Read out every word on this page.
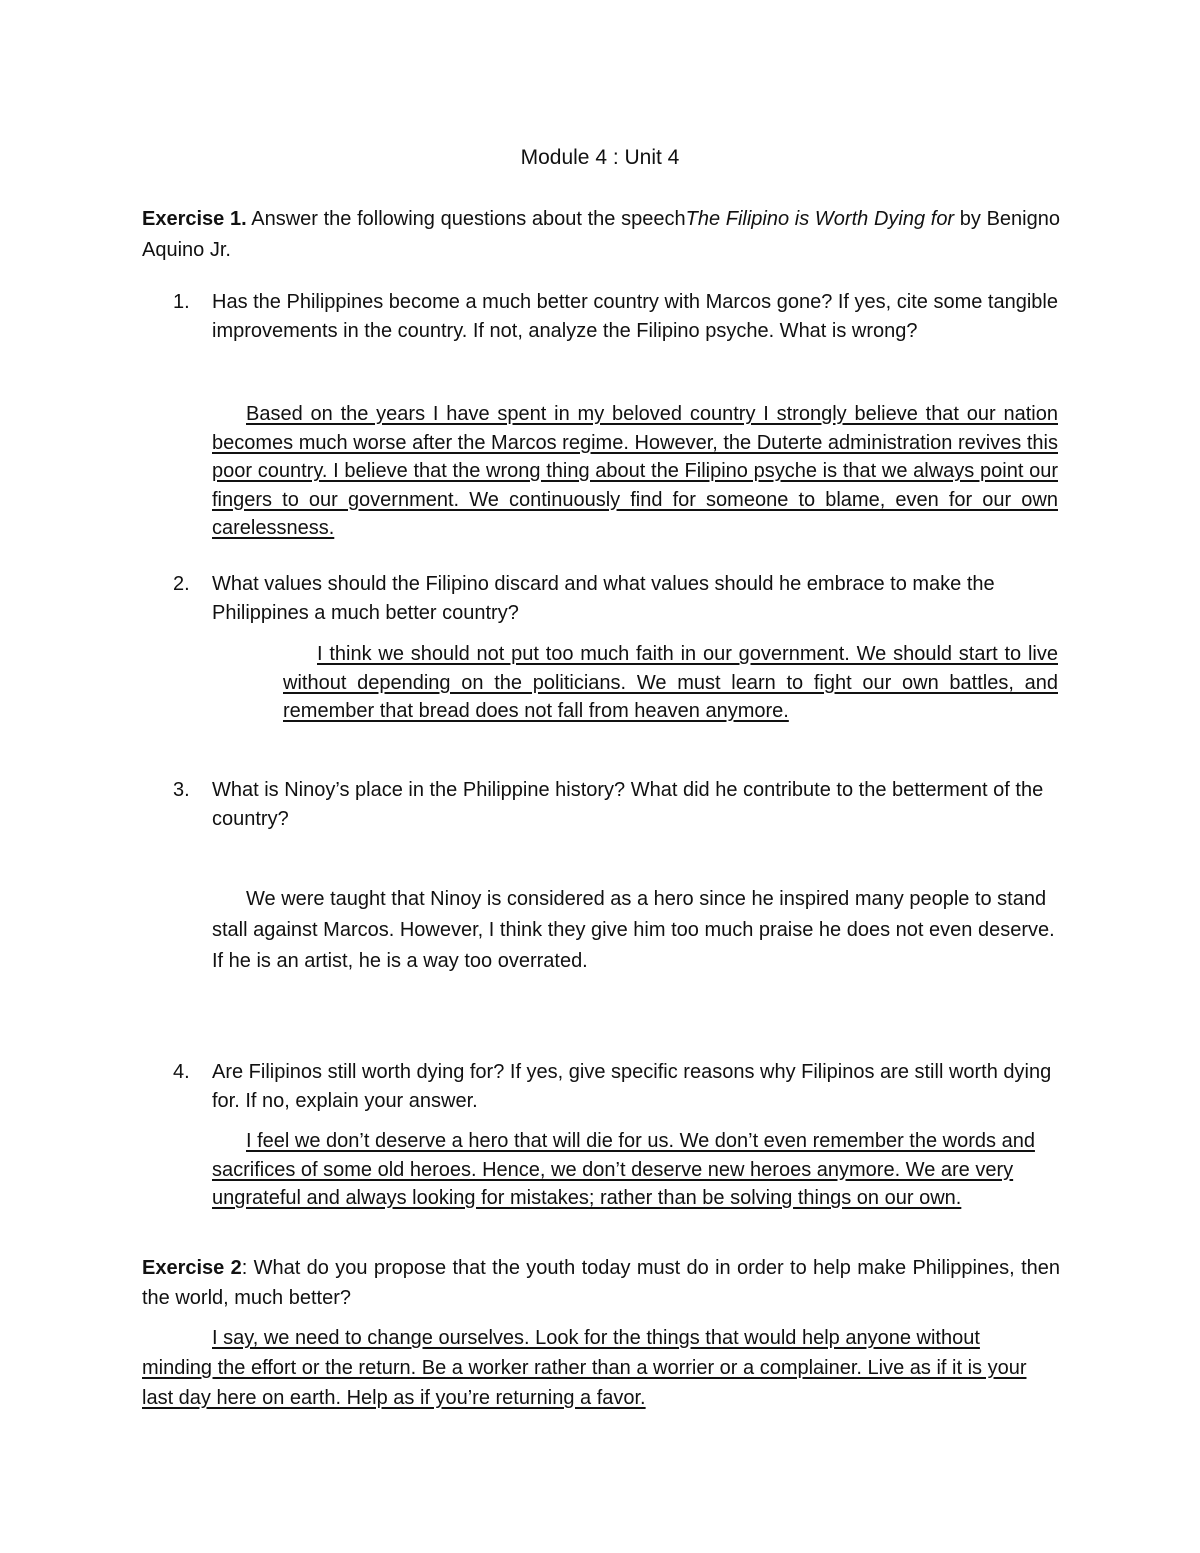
Module 4 : Unit 4
Exercise 1. Answer the following questions about the speechThe Filipino is Worth Dying for by Benigno Aquino Jr.
1. Has the Philippines become a much better country with Marcos gone? If yes, cite some tangible improvements in the country. If not, analyze the Filipino psyche. What is wrong?
Based on the years I have spent in my beloved country I strongly believe that our nation becomes much worse after the Marcos regime. However, the Duterte administration revives this poor country. I believe that the wrong thing about the Filipino psyche is that we always point our fingers to our government. We continuously find for someone to blame, even for our own carelessness.
2. What values should the Filipino discard and what values should he embrace to make the Philippines a much better country?
I think we should not put too much faith in our government. We should start to live without depending on the politicians. We must learn to fight our own battles, and remember that bread does not fall from heaven anymore.
3. What is Ninoy’s place in the Philippine history? What did he contribute to the betterment of the country?
We were taught that Ninoy is considered as a hero since he inspired many people to stand stall against Marcos. However, I think they give him too much praise he does not even deserve. If he is an artist, he is a way too overrated.
4. Are Filipinos still worth dying for? If yes, give specific reasons why Filipinos are still worth dying for. If no, explain your answer.
I feel we don’t deserve a hero that will die for us. We don’t even remember the words and sacrifices of some old heroes. Hence, we don’t deserve new heroes anymore. We are very ungrateful and always looking for mistakes; rather than be solving things on our own.
Exercise 2: What do you propose that the youth today must do in order to help make Philippines, then the world, much better?
I say, we need to change ourselves. Look for the things that would help anyone without minding the effort or the return. Be a worker rather than a worrier or a complainer. Live as if it is your last day here on earth. Help as if you’re returning a favor.
